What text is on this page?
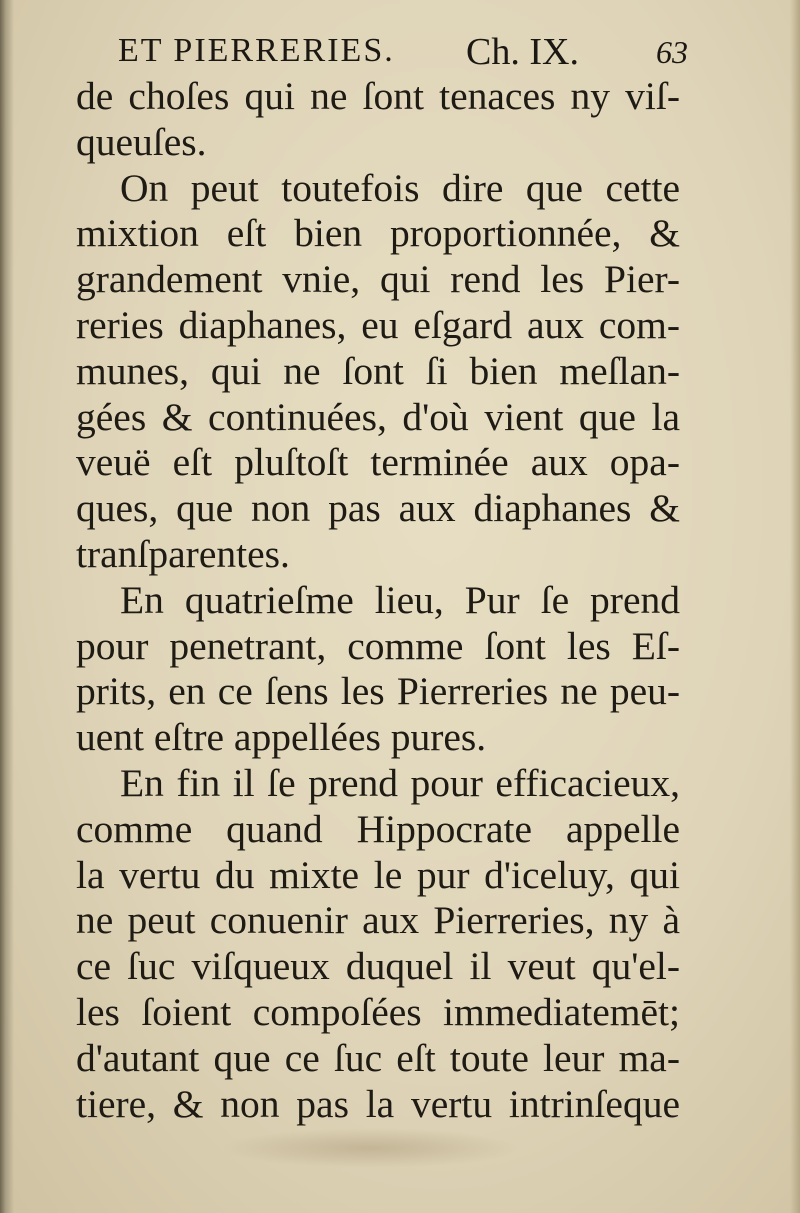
ET PIERRERIES. Ch. IX. 63
de choſes qui ne ſont tenaces ny viſ-
queuſes.
On peut toutefois dire que cette
mixtion eſt bien proportionnée, &
grandement vnie, qui rend les Pier-
reries diaphanes, eu eſgard aux com-
munes, qui ne ſont ſi bien meſlan-
gées & continuées, d'où vient que la
veuë eſt pluſtoſt terminée aux opa-
ques, que non pas aux diaphanes &
tranſparentes.
En quatrieſme lieu, Pur ſe prend
pour penetrant, comme ſont les Eſ-
prits, en ce ſens les Pierreries ne peu-
uent eſtre appellées pures.
En fin il ſe prend pour efficacieux,
comme quand Hippocrate appelle
la vertu du mixte le pur d'iceluy, qui
ne peut conuenir aux Pierreries, ny à
ce ſuc viſqueux duquel il veut qu'el-
les ſoient compoſées immediatemēt;
d'autant que ce ſuc eſt toute leur ma-
tiere, & non pas la vertu intrinſeque
